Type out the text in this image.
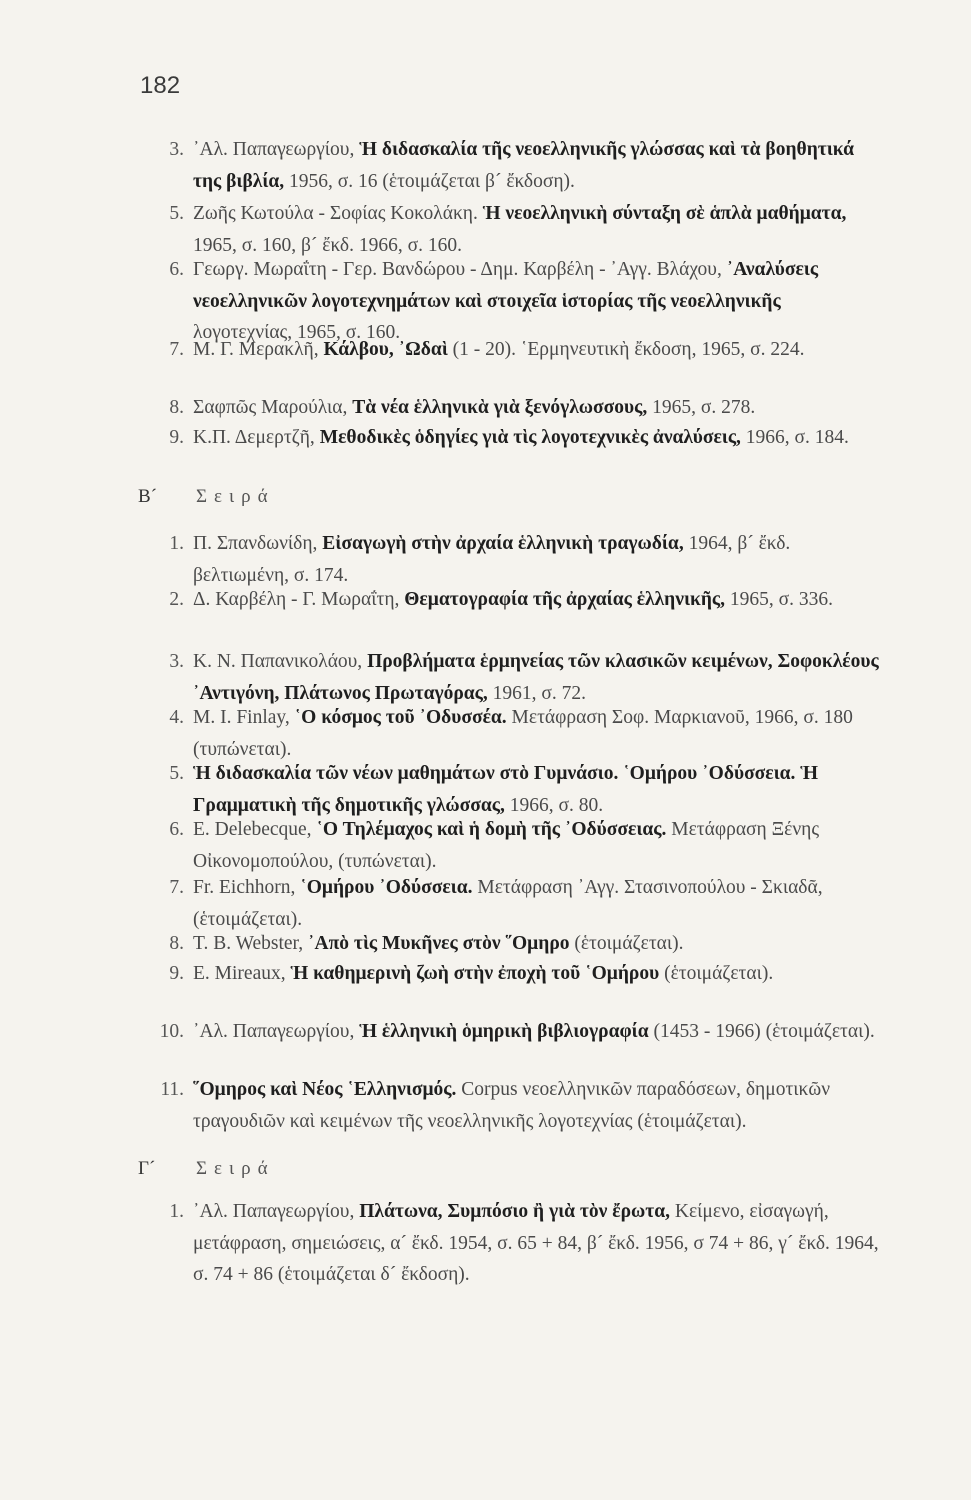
182
3. ᾿Αλ. Παπαγεωργίου, Ἡ διδασκαλία τῆς νεοελληνικῆς γλώσσας καὶ τὰ βοηθητικά της βιβλία, 1956, σ. 16 (ἑτοιμάζεται β´ ἔκδοση).
5. Ζωῆς Κωτούλα - Σοφίας Κοκολάκη. Ἡ νεοελληνικὴ σύνταξη σὲ ἁπλὰ μαθήματα, 1965, σ. 160, β´ ἔκδ. 1966, σ. 160.
6. Γεωργ. Μωραΐτη - Γερ. Βανδώρου - Δημ. Καρβέλη - ᾿Αγγ. Βλάχου, ᾿Αναλύσεις νεοελληνικῶν λογοτεχνημάτων καὶ στοιχεῖα ἱστορίας τῆς νεοελληνικῆς λογοτεχνίας, 1965, σ. 160.
7. Μ. Γ. Μερακλῆ, Κάλβου, ᾿Ωδαὶ (1 - 20). ῾Ερμηνευτικὴ ἔκδοση, 1965, σ. 224.
8. Σαφπῶς Μαρούλια, Τὰ νέα ἑλληνικὰ γιὰ ξενόγλωσσους, 1965, σ. 278.
9. Κ.Π. Δεμερτζῆ, Μεθοδικὲς ὁδηγίες γιὰ τὶς λογοτεχνικὲς ἀναλύσεις, 1966, σ. 184.
Β´ Σειρά
1. Π. Σπανδωνίδη, Εἰσαγωγὴ στὴν ἀρχαία ἑλληνικὴ τραγωδία, 1964, β´ ἔκδ. βελτιωμένη, σ. 174.
2. Δ. Καρβέλη - Γ. Μωραΐτη, Θεματογραφία τῆς ἀρχαίας ἑλληνικῆς, 1965, σ. 336.
3. Κ. Ν. Παπανικολάου, Προβλήματα ἑρμηνείας τῶν κλασικῶν κειμένων, Σοφοκλέους ᾿Αντιγόνη, Πλάτωνος Πρωταγόρας, 1961, σ. 72.
4. Μ. Ι. Finlay, ῾Ο κόσμος τοῦ ᾿Οδυσσέα. Μετάφραση Σοφ. Μαρκιανοῦ, 1966, σ. 180 (τυπώνεται).
5. Ἡ διδασκαλία τῶν νέων μαθημάτων στὸ Γυμνάσιο. ῾Ομήρου ᾿Οδύσσεια. Ἡ Γραμματικὴ τῆς δημοτικῆς γλώσσας, 1966, σ. 80.
6. E. Delebecque, ῾Ο Τηλέμαχος καὶ ἡ δομὴ τῆς ᾿Οδύσσειας. Μετάφραση Ξένης Οἰκονομοπούλου, (τυπώνεται).
7. Fr. Eichhorn, ῾Ομήρου ᾿Οδύσσεια. Μετάφραση ᾿Αγγ. Στασινοπούλου - Σκιαδᾶ, (ἑτοιμάζεται).
8. T. B. Webster, ᾿Απὸ τὶς Μυκῆνες στὸν ῞Ομηρο (ἑτοιμάζεται).
9. E. Mireaux, Ἡ καθημερινὴ ζωὴ στὴν ἐποχὴ τοῦ ῾Ομήρου (ἑτοιμάζεται).
10. ᾿Αλ. Παπαγεωργίου, Ἡ ἑλληνικὴ ὁμηρικὴ βιβλιογραφία (1453 - 1966) (ἑτοιμάζεται).
11. ῞Ομηρος καὶ Νέος ῾Ελληνισμός. Corpus νεοελληνικῶν παραδόσεων, δημοτικῶν τραγουδιῶν καὶ κειμένων τῆς νεοελληνικῆς λογοτεχνίας (ἑτοιμάζεται).
Γ´ Σειρά
1. ᾿Αλ. Παπαγεωργίου, Πλάτωνα, Συμπόσιο ἢ γιὰ τὸν ἔρωτα, Κείμενο, εἰσαγωγή, μετάφραση, σημειώσεις, α´ ἔκδ. 1954, σ. 65 + 84, β´ ἔκδ. 1956, σ 74 + 86, γ´ ἔκδ. 1964, σ. 74 + 86 (ἑτοιμάζεται δ´ ἔκδοση).
